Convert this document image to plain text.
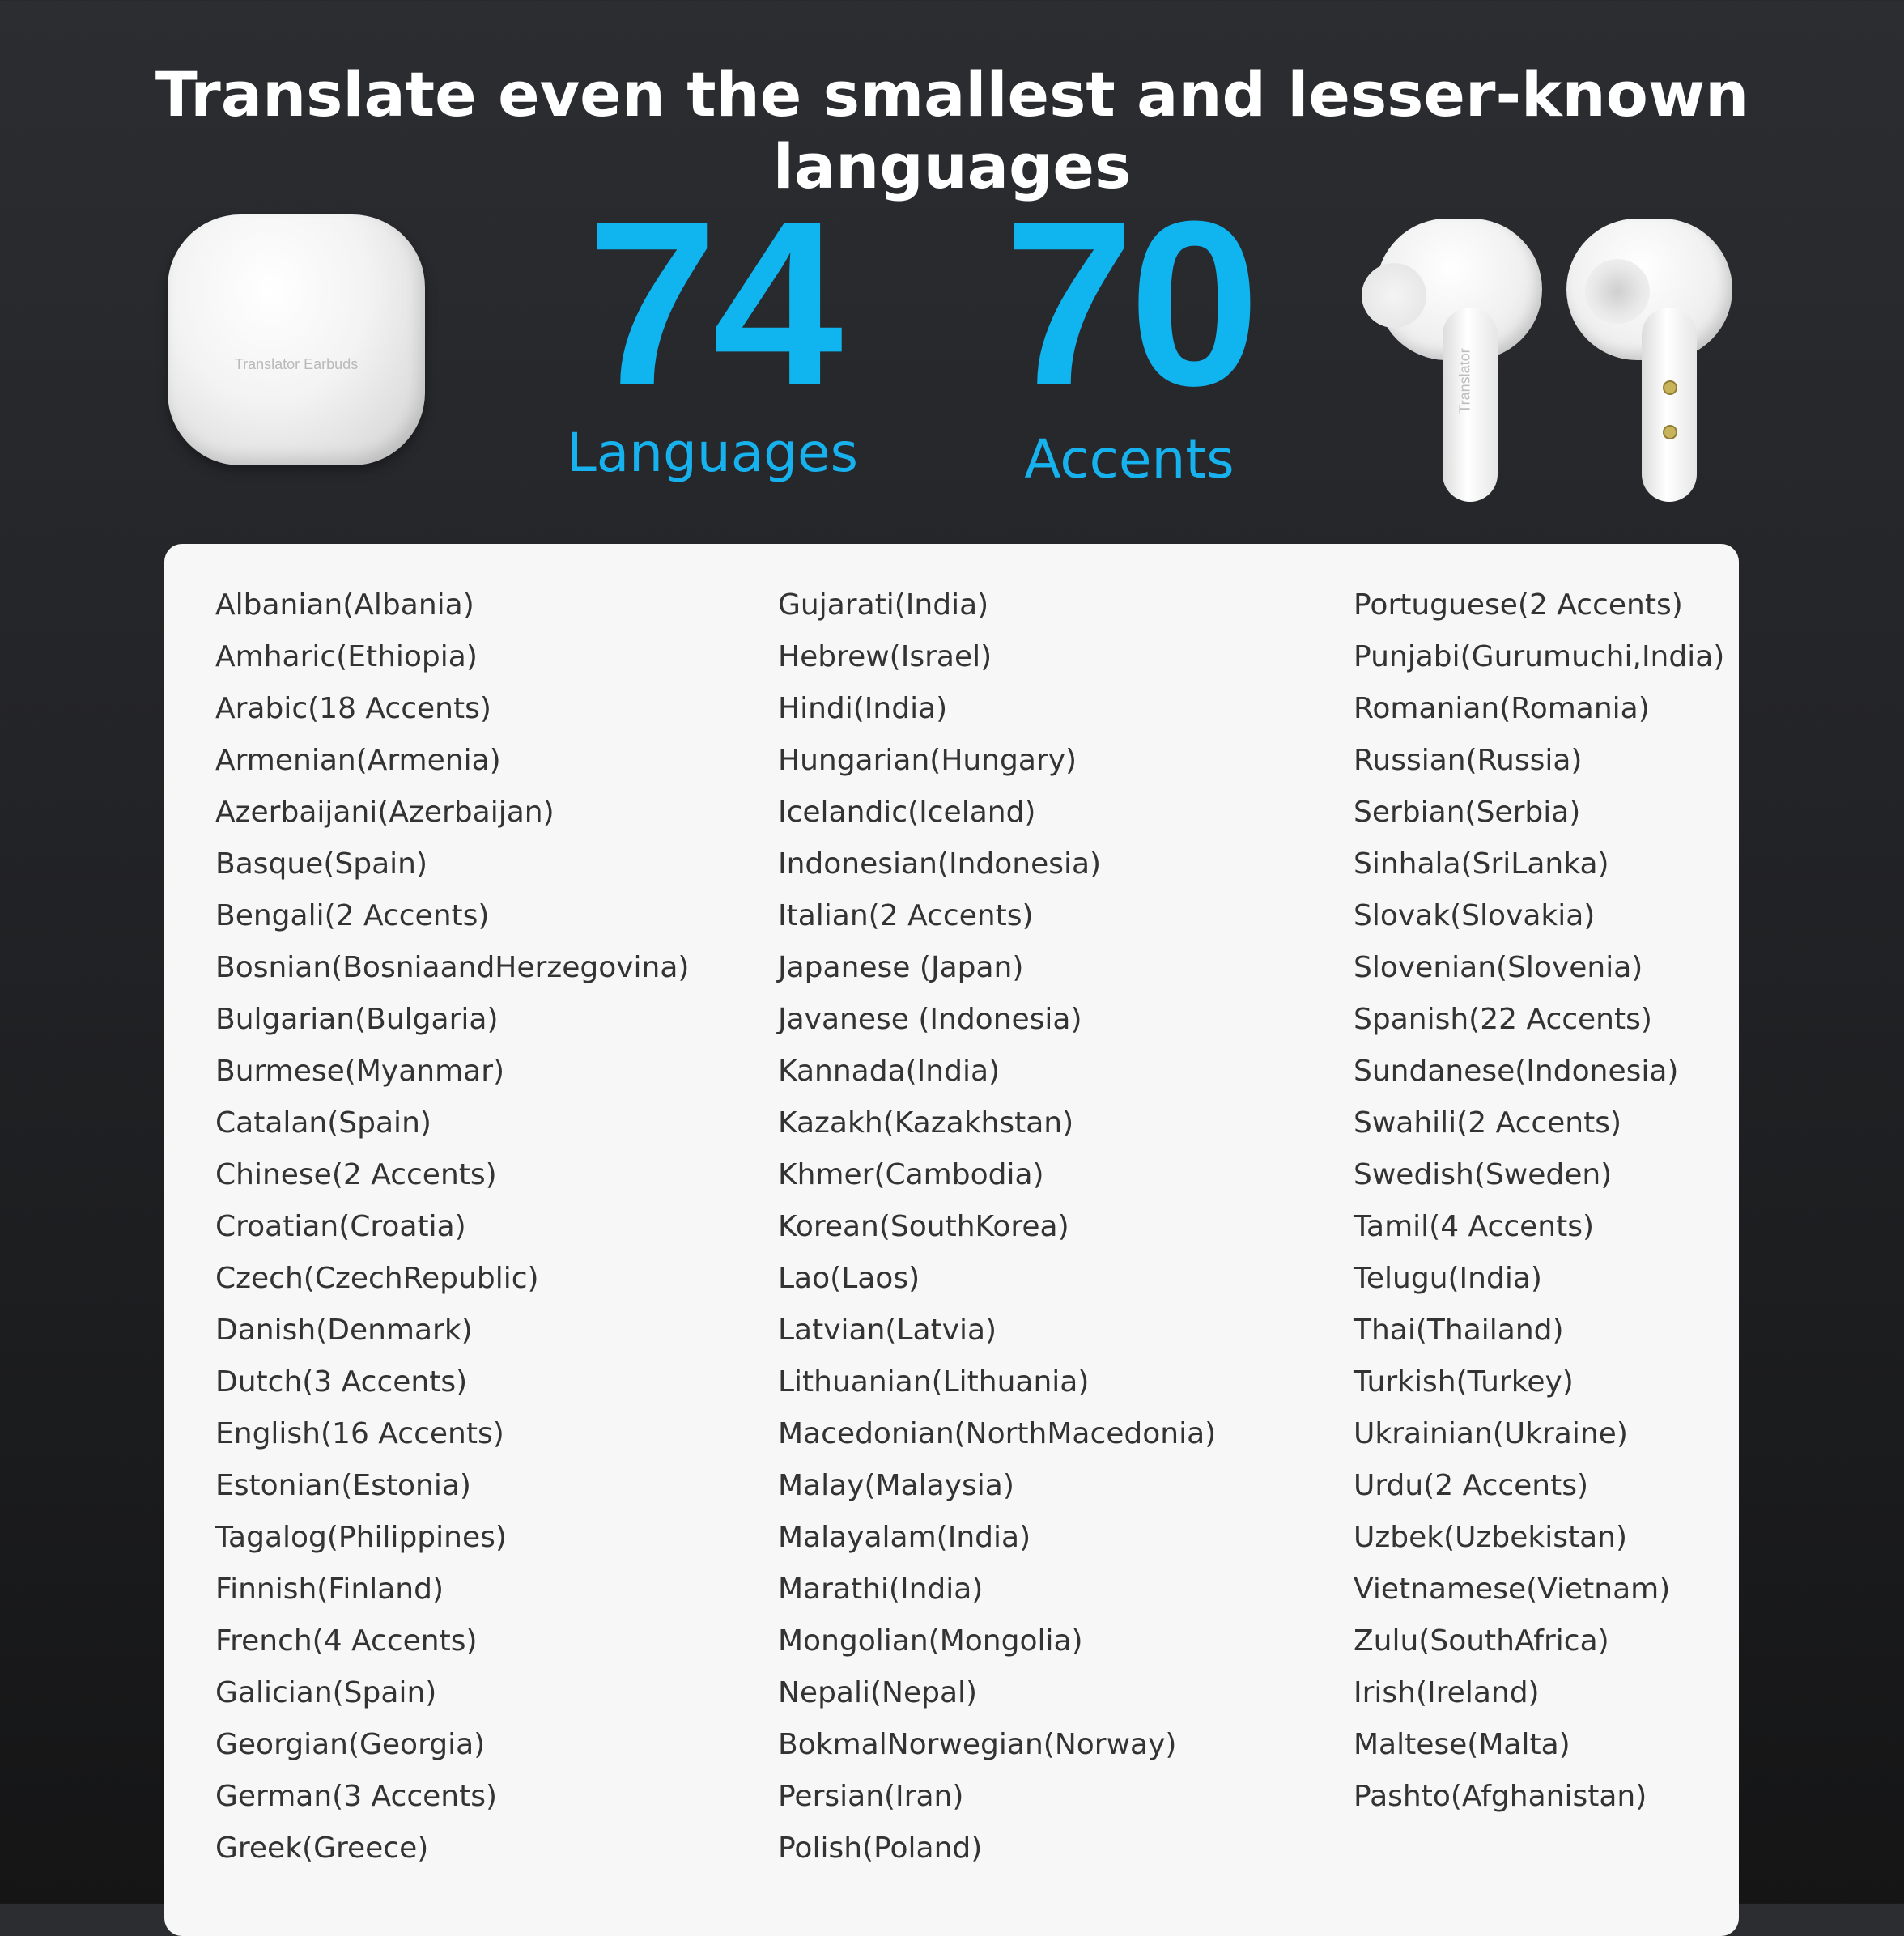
Translate even the smallest and lesser-known languages
Translator Earbuds 74
Languages
70
Accents
Translator
Albanian(Albania)
Amharic(Ethiopia)
Arabic(18 Accents)
Armenian(Armenia)
Azerbaijani(Azerbaijan)
Basque(Spain)
Bengali(2 Accents)
Bosnian(BosniaandHerzegovina)
Bulgarian(Bulgaria)
Burmese(Myanmar)
Catalan(Spain)
Chinese(2 Accents)
Croatian(Croatia)
Czech(CzechRepublic)
Danish(Denmark)
Dutch(3 Accents)
English(16 Accents)
Estonian(Estonia)
Tagalog(Philippines)
Finnish(Finland)
French(4 Accents)
Galician(Spain)
Georgian(Georgia)
German(3 Accents)
Greek(Greece)
Gujarati(India)
Hebrew(Israel)
Hindi(India)
Hungarian(Hungary)
Icelandic(Iceland)
Indonesian(Indonesia)
Italian(2 Accents)
Japanese (Japan)
Javanese (Indonesia)
Kannada(India)
Kazakh(Kazakhstan)
Khmer(Cambodia)
Korean(SouthKorea)
Lao(Laos)
Latvian(Latvia)
Lithuanian(Lithuania)
Macedonian(NorthMacedonia)
Malay(Malaysia)
Malayalam(India)
Marathi(India)
Mongolian(Mongolia)
Nepali(Nepal)
BokmalNorwegian(Norway)
Persian(Iran)
Polish(Poland)
Portuguese(2 Accents)
Punjabi(Gurumuchi,India)
Romanian(Romania)
Russian(Russia)
Serbian(Serbia)
Sinhala(SriLanka)
Slovak(Slovakia)
Slovenian(Slovenia)
Spanish(22 Accents)
Sundanese(Indonesia)
Swahili(2 Accents)
Swedish(Sweden)
Tamil(4 Accents)
Telugu(India)
Thai(Thailand)
Turkish(Turkey)
Ukrainian(Ukraine)
Urdu(2 Accents)
Uzbek(Uzbekistan)
Vietnamese(Vietnam)
Zulu(SouthAfrica)
Irish(Ireland)
Maltese(Malta)
Pashto(Afghanistan)
